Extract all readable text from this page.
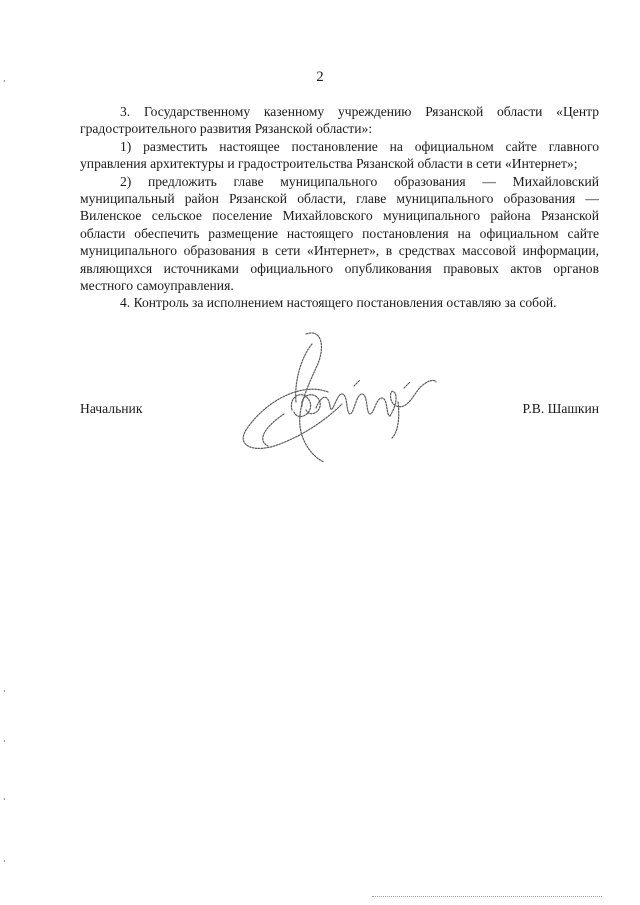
2

3. Государственному казенному учреждению Рязанской области «Центр градостроительного развития Рязанской области»:

1) разместить настоящее постановление на официальном сайте главного управления архитектуры и градостроительства Рязанской области в сети «Интернет»;

2) предложить главе муниципального образования — Михайловский муниципальный район Рязанской области, главе муниципального образования — Виленское сельское поселение Михайловского муниципального района Рязанской области обеспечить размещение настоящего постановления на официальном сайте муниципального образования в сети «Интернет», в средствах массовой информации, являющихся источниками официального опубликования правовых актов органов местного самоуправления.

4. Контроль за исполнением настоящего постановления оставляю за собой.

Начальник	Р.В. Шашкин
